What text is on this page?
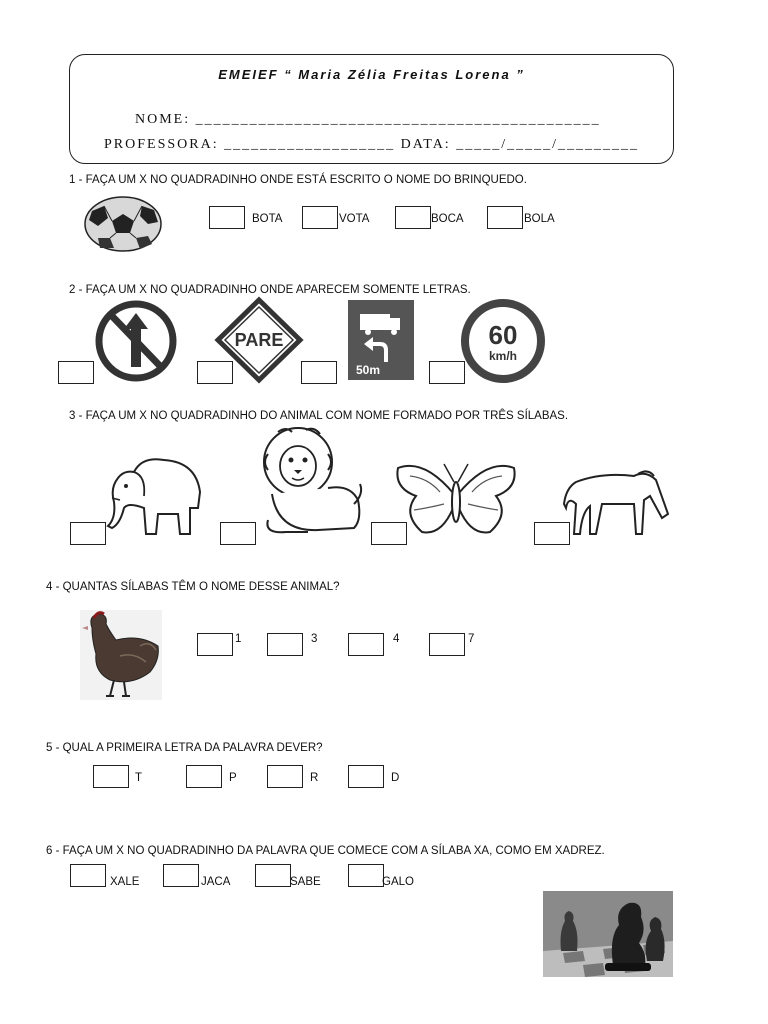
EMEIEF “ Maria Zélia Freitas Lorena ”
NOME: _____________________________________________
PROFESSORA: ___________________ DATA: _____/_____/_________
1 - FAÇA UM X NO QUADRADINHO ONDE ESTÁ ESCRITO O NOME DO BRINQUEDO.
BOTA	VOTA	BOCA	BOLA
2 - FAÇA UM X NO QUADRADINHO ONDE APARECEM SOMENTE LETRAS.
PARE
50m
60
km/h
3 - FAÇA UM X NO QUADRADINHO DO ANIMAL COM NOME FORMADO POR TRÊS SÍLABAS.
4 - QUANTAS SÍLABAS TÊM O NOME DESSE ANIMAL?
1	3	4	7
5 - QUAL A PRIMEIRA LETRA DA PALAVRA DEVER?
T	P	R	D
6 - FAÇA UM X NO QUADRADINHO DA PALAVRA QUE COMECE COM A SÍLABA XA, COMO EM XADREZ.
XALE	JACA	SABE	GALO
